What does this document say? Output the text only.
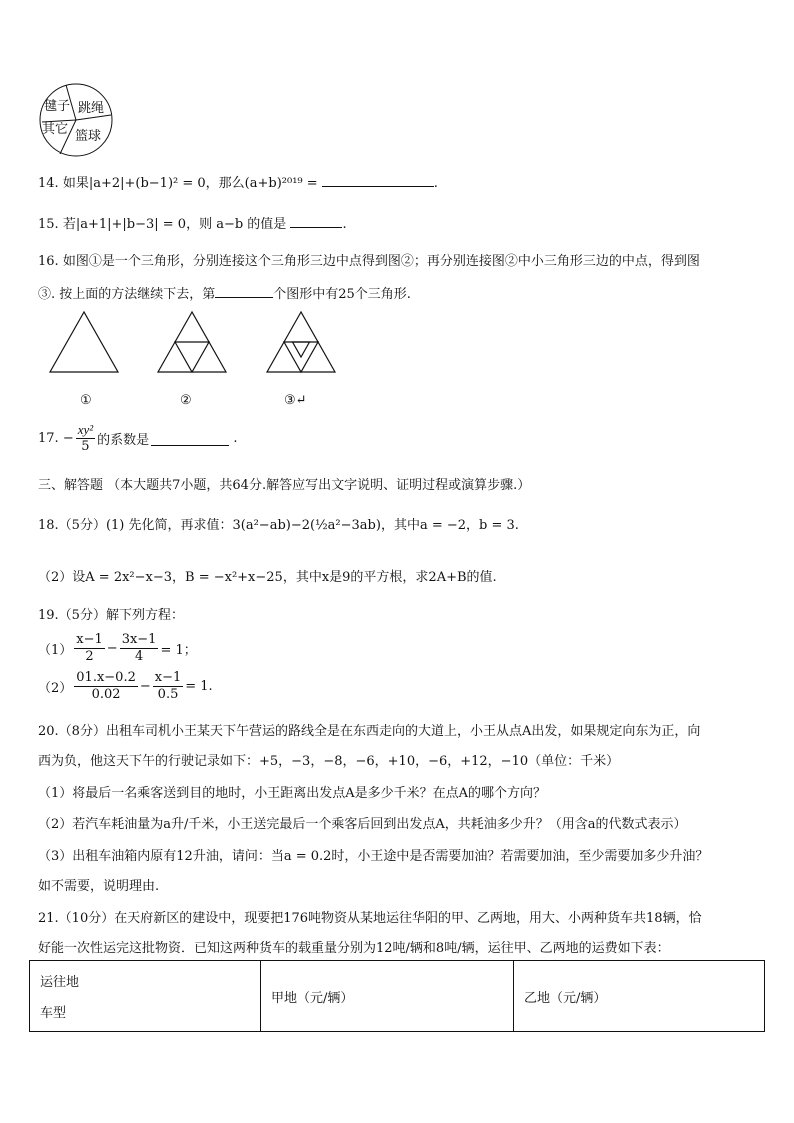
毽子 跳绳
其它 篮球
14. 如果|a+2|+(b−1)² = 0，那么(a+b)²⁰¹⁹ =	.
15. 若|a+1|+|b−3| = 0，则 a−b 的值是	.
16. 如图①是一个三角形，分别连接这个三角形三边中点得到图②；再分别连接图②中小三角形三边的中点，得到图
③. 按上面的方法继续下去，第	个图形中有25个三角形.
①	②	③↵
17. − $\frac{\text{xy²}}{5}$ 的系数是
	.
三、解答题 （本大题共7小题，共64分.解答应写出文字说明、证明过程或演算步骤.）
18.（5分）(1) 先化简，再求值：3(a²−ab)−2(½a²−3ab)，其中a = −2，b = 3.
（2）设A = 2x²−x−3，B = −x²+x−25，其中x是9的平方根，求2A+B的值.
19.（5分）解下列方程：
$(1) \frac{x-1}{2} - \frac{3x-1}{4} = 1$；
$(2) \frac{01.x-0.2}{0.02} - \frac{x-1}{0.5} = 1$.
20.（8分）出租车司机小王某天下午营运的路线全是在东西走向的大道上，小王从点A出发，如果规定向东为正，向
西为负，他这天下午的行驶记录如下：+5，−3，−8，−6，+10，−6，+12，−10（单位：千米）
（1）将最后一名乘客送到目的地时，小王距离出发点A是多少千米？在点A的哪个方向？
（2）若汽车耗油量为a升/千米，小王送完最后一个乘客后回到出发点A，共耗油多少升？（用含a的代数式表示）
（3）出租车油箱内原有12升油，请问：当a = 0.2时，小王途中是否需要加油？若需要加油，至少需要加多少升油？
如不需要，说明理由.
21.（10分）在天府新区的建设中，现要把176吨物资从某地运往华阳的甲、乙两地，用大、小两种货车共18辆，恰
好能一次性运完这批物资．已知这两种货车的载重量分别为12吨/辆和8吨/辆，运往甲、乙两地的运费如下表：
运往地
车型
	甲地（元/辆）	乙地（元/辆）
